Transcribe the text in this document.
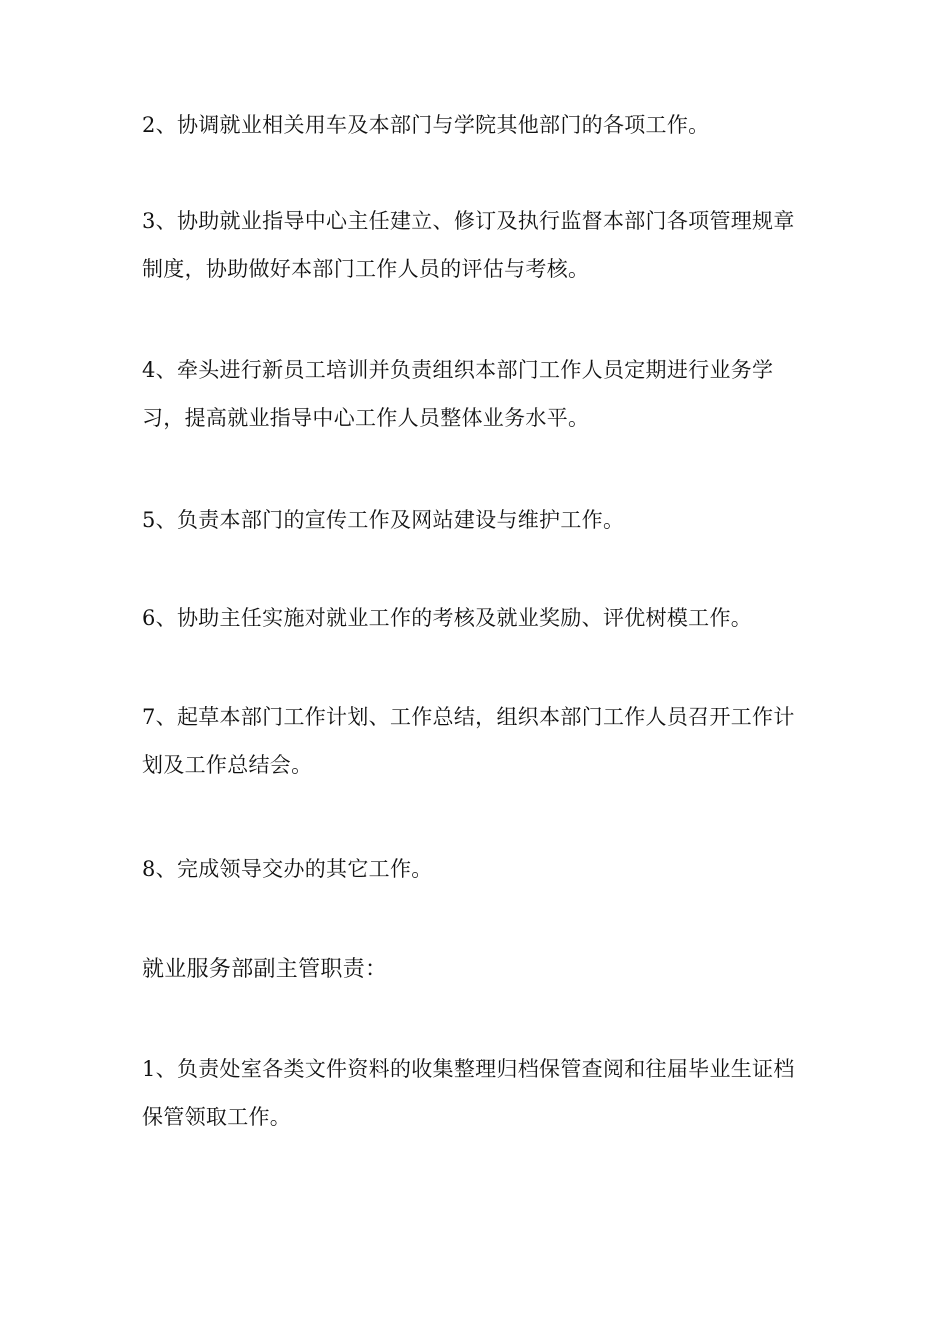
2、协调就业相关用车及本部门与学院其他部门的各项工作。

3、协助就业指导中心主任建立、修订及执行监督本部门各项管理规章制度，协助做好本部门工作人员的评估与考核。

4、牵头进行新员工培训并负责组织本部门工作人员定期进行业务学习，提高就业指导中心工作人员整体业务水平。

5、负责本部门的宣传工作及网站建设与维护工作。

6、协助主任实施对就业工作的考核及就业奖励、评优树模工作。

7、起草本部门工作计划、工作总结，组织本部门工作人员召开工作计划及工作总结会。

8、完成领导交办的其它工作。

就业服务部副主管职责：

1、负责处室各类文件资料的收集整理归档保管查阅和往届毕业生证档保管领取工作。
